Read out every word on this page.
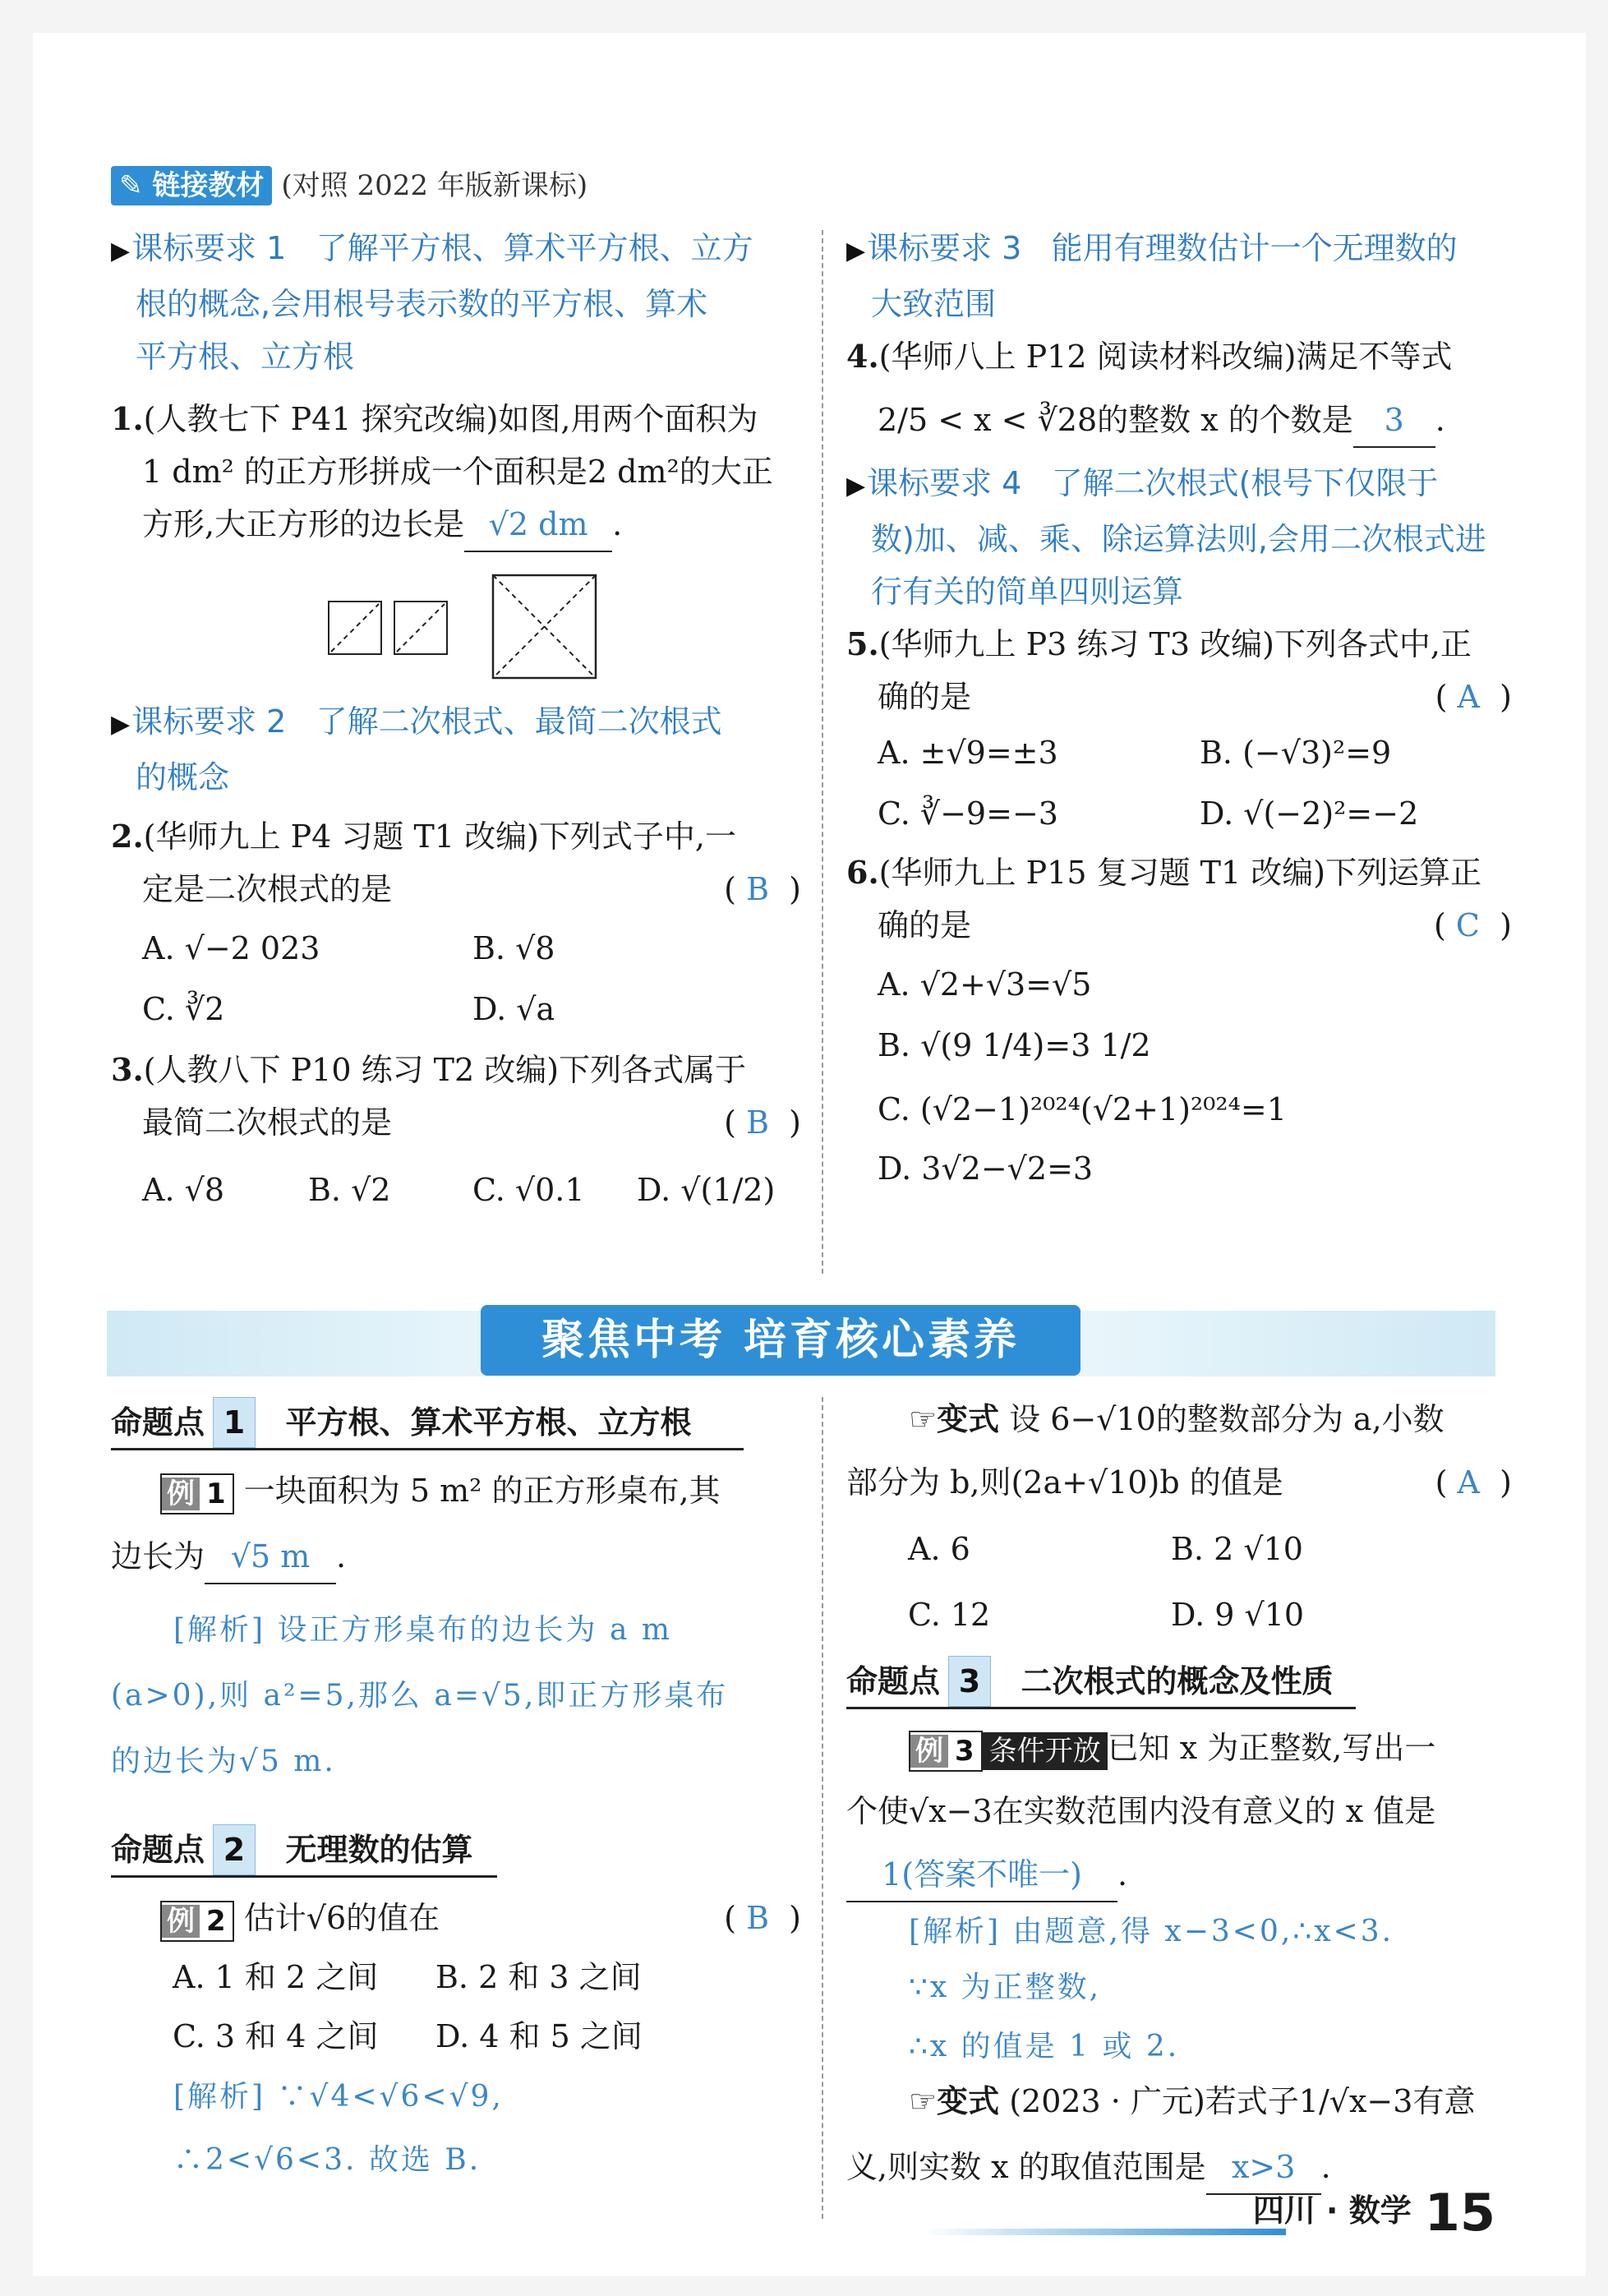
✎ 链接教材 (对照 2022 年版新课标)
▶课标要求 1 了解平方根、算术平方根、立方
根的概念,会用根号表示数的平方根、算术
平方根、立方根
1.(人教七下 P41 探究改编)如图,用两个面积为
1 dm² 的正方形拼成一个面积是2 dm²的大正
方形,大正方形的边长是 √2 dm .
▶课标要求 2 了解二次根式、最简二次根式
的概念
2.(华师九上 P4 习题 T1 改编)下列式子中,一
定是二次根式的是	( B )
A. √−2 023	B. √8
C. ∛2	D. √a
3.(人教八下 P10 练习 T2 改编)下列各式属于
最简二次根式的是	( B )
A. √8	B. √2	C. √0.1 D. √(1/2)
▶课标要求 3 能用有理数估计一个无理数的
大致范围
4.(华师八上 P12 阅读材料改编)满足不等式
2/5 < x < ∛28的整数 x 的个数是 3 .
▶课标要求 4 了解二次根式(根号下仅限于
数)加、减、乘、除运算法则,会用二次根式进
行有关的简单四则运算
5.(华师九上 P3 练习 T3 改编)下列各式中,正
确的是	( A )
A. ±√9=±3	B. (−√3)²=9
C. ∛−9=−3	D. √(−2)²=−2
6.(华师九上 P15 复习题 T1 改编)下列运算正
确的是	( C )
A. √2+√3=√5
B. √(9 1/4)=3 1/2
C. (√2−1)²⁰²⁴(√2+1)²⁰²⁴=1
D. 3√2−√2=3
聚焦中考 培育核心素养
命题点 1 平方根、算术平方根、立方根
例 1 一块面积为 5 m² 的正方形桌布,其
边长为 √5 m .
[解析] 设正方形桌布的边长为 a m
(a>0),则 a²=5,那么 a=√5,即正方形桌布
的边长为√5 m.
命题点 2 无理数的估算
例 2 估计√6的值在	( B )
A. 1 和 2 之间 B. 2 和 3 之间
C. 3 和 4 之间 D. 4 和 5 之间
[解析] ∵√4<√6<√9,
∴2<√6<3. 故选 B.
☞变式 设 6−√10的整数部分为 a,小数
部分为 b,则(2a+√10)b 的值是	( A )
A. 6	B. 2 √10
C. 12	D. 9 √10
命题点 3 二次根式的概念及性质
例 3 条件开放 已知 x 为正整数,写出一
个使√x−3在实数范围内没有意义的 x 值是
1(答案不唯一) .
[解析] 由题意,得 x−3<0,∴x<3.
∵x 为正整数,
∴x 的值是 1 或 2.
☞变式 (2023 · 广元)若式子1/√x−3有意
义,则实数 x 的取值范围是 x>3 .
四川 · 数学 15
